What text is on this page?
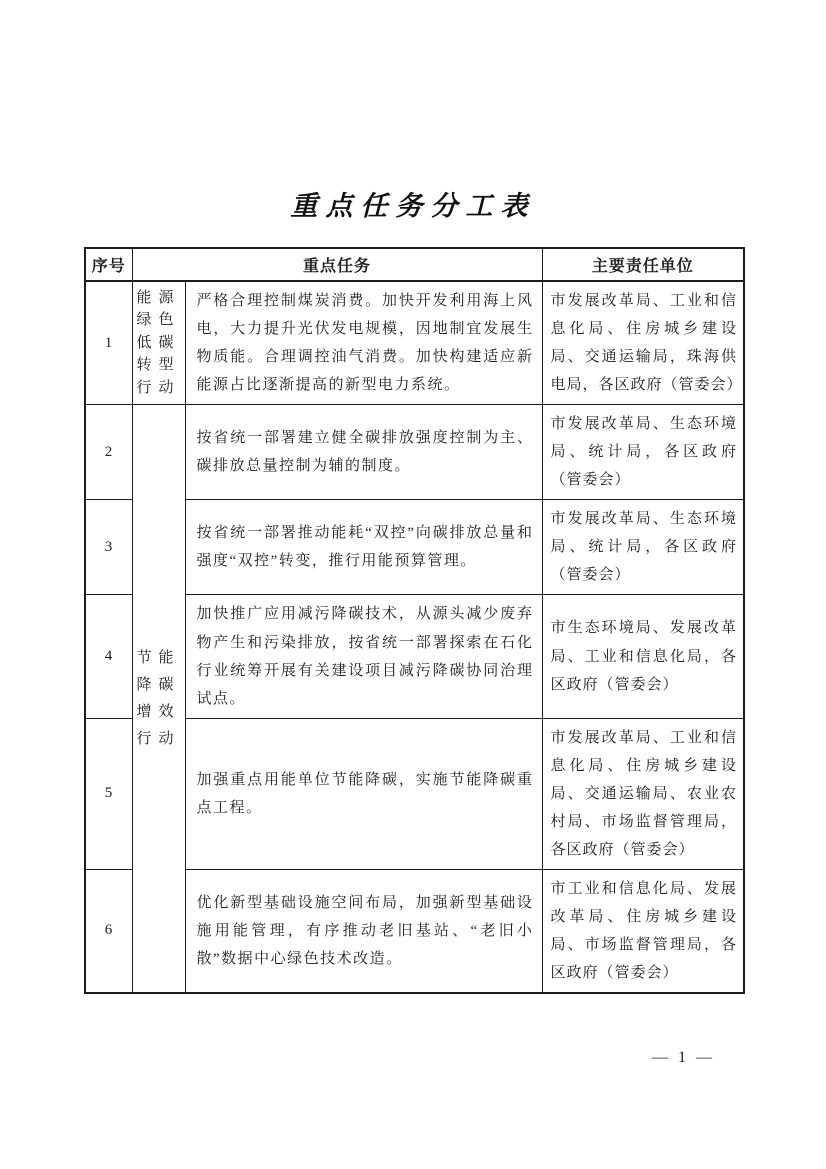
重点任务分工表
序号	重点任务		主要责任单位
1	能源绿色低碳转型行动	严格合理控制煤炭消费。加快开发利用海上风电，大力提升光伏发电规模，因地制宜发展生物质能。合理调控油气消费。加快构建适应新能源占比逐渐提高的新型电力系统。	市发展改革局、工业和信息化局、住房城乡建设局、交通运输局，珠海供电局，各区政府（管委会）
2	节能降碳增效行动	按省统一部署建立健全碳排放强度控制为主、碳排放总量控制为辅的制度。	市发展改革局、生态环境局、统计局，各区政府（管委会）
3		按省统一部署推动能耗“双控”向碳排放总量和强度“双控”转变，推行用能预算管理。	市发展改革局、生态环境局、统计局，各区政府（管委会）
4		加快推广应用减污降碳技术，从源头减少废弃物产生和污染排放，按省统一部署探索在石化行业统筹开展有关建设项目减污降碳协同治理试点。	市生态环境局、发展改革局、工业和信息化局，各区政府（管委会）
5		加强重点用能单位节能降碳，实施节能降碳重点工程。	市发展改革局、工业和信息化局、住房城乡建设局、交通运输局、农业农村局、市场监督管理局，各区政府（管委会）
6		优化新型基础设施空间布局，加强新型基础设施用能管理，有序推动老旧基站、“老旧小散”数据中心绿色技术改造。	市工业和信息化局、发展改革局、住房城乡建设局、市场监督管理局，各区政府（管委会）
— 1 —
